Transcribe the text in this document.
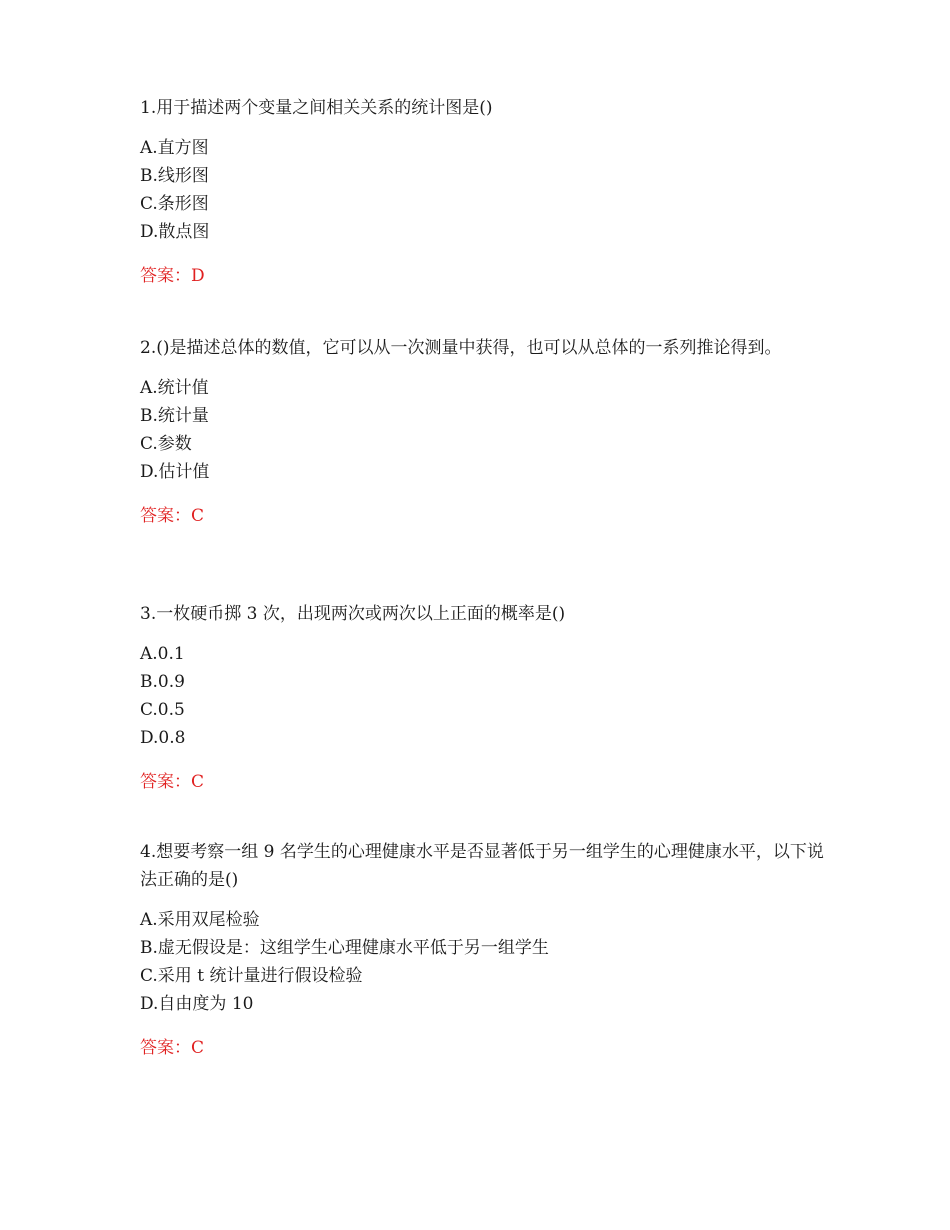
1.用于描述两个变量之间相关关系的统计图是()

A.直方图

B.线形图

C.条形图

D.散点图

答案：D

2.()是描述总体的数值，它可以从一次测量中获得，也可以从总体的一系列推论得到。

A.统计值

B.统计量

C.参数

D.估计值

答案：C

3.一枚硬币掷 3 次，出现两次或两次以上正面的概率是()

A.0.1

B.0.9

C.0.5

D.0.8

答案：C

4.想要考察一组 9 名学生的心理健康水平是否显著低于另一组学生的心理健康水平，以下说法正确的是()

A.采用双尾检验

B.虚无假设是：这组学生心理健康水平低于另一组学生

C.采用 t 统计量进行假设检验

D.自由度为 10

答案：C
